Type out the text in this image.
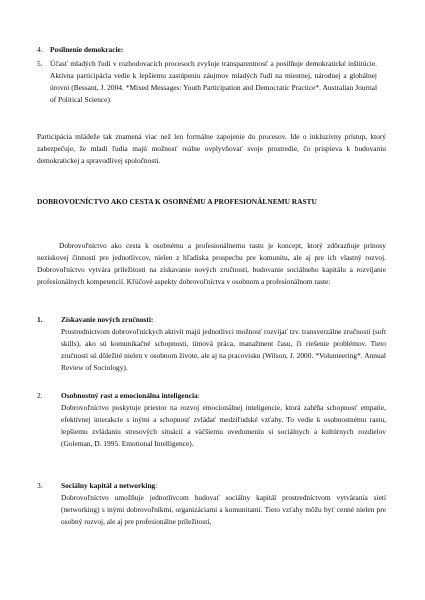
4. Posilnenie demokracie:
5. Účasť mladých ľudí v rozhodovacích procesoch zvyšuje transparentnosť a posilňuje demokratické inštitúcie. Aktívna participácia vedie k lepšiemu zastúpeniu záujmov mladých ľudí na miestnej, národnej a globálnej úrovni (Bessant, J. 2004. *Mixed Messages: Youth Participation and Democratic Practice*. Australian Journal of Political Science).
Participácia mládeže tak znamená viac než len formálne zapojenie do procesov. Ide o inkluzívny prístup, ktorý zabezpečuje, že mladí ľudia majú možnosť reálne ovplyvňovať svoje prostredie, čo prispieva k budovaniu demokratickej a spravodlivej spoločnosti.
DOBROVOĽNÍCTVO AKO CESTA K OSOBNÉMU A PROFESIONÁLNEMU RASTU
Dobrovoľníctvo ako cesta k osobnému a profesionálnemu rastu je koncept, ktorý zdôrazňuje prínosy neziskovej činnosti pre jednotlivcov, nielen z hľadiska prospechu pre komunitu, ale aj pre ich vlastný rozvoj. Dobrovoľníctvo vytvára príležitosti na získavanie nových zručností, budovanie sociálneho kapitálu a rozvíjanie profesionálnych kompetencií. Kľúčové aspekty dobrovoľníctva v osobnom a profesionálnom raste:
1. Získavanie nových zručností:
Prostredníctvom dobrovoľníckych aktivít majú jednotlivci možnosť rozvíjať tzv. transverzálne zručnosti (soft skills), ako sú komunikačné schopnosti, tímová práca, manažment času, či riešenie problémov. Tieto zručnosti sú dôležité nielen v osobnom živote, ale aj na pracovisku (Wilson, J. 2000. *Volunteering*. Annual Review of Sociology).
2. Osobnostný rast a emocionálna inteligencia:
Dobrovoľníctvo poskytuje priestor na rozvoj emocionálnej inteligencie, ktorá zahŕňa schopnosť empatie, efektívnej interakcie s inými a schopnosť zvládať medziľudské vzťahy. To vedie k osobnostnému rastu, lepšiemu zvládaniu stresových situácií a väčšiemu uvedomeniu si sociálnych a kultúrnych rozdielov (Goleman, D. 1995. Emotional Intelligence).
3. Sociálny kapitál a networking:
Dobrovoľníctvo umožňuje jednotlivcom budovať sociálny kapitál prostredníctvom vytvárania sietí (networking) s inými dobrovoľníkmi, organizáciami a komunitami. Tieto vzťahy môžu byť cenné nielen pre osobný rozvoj, ale aj pre profesionálne príležitosti,
